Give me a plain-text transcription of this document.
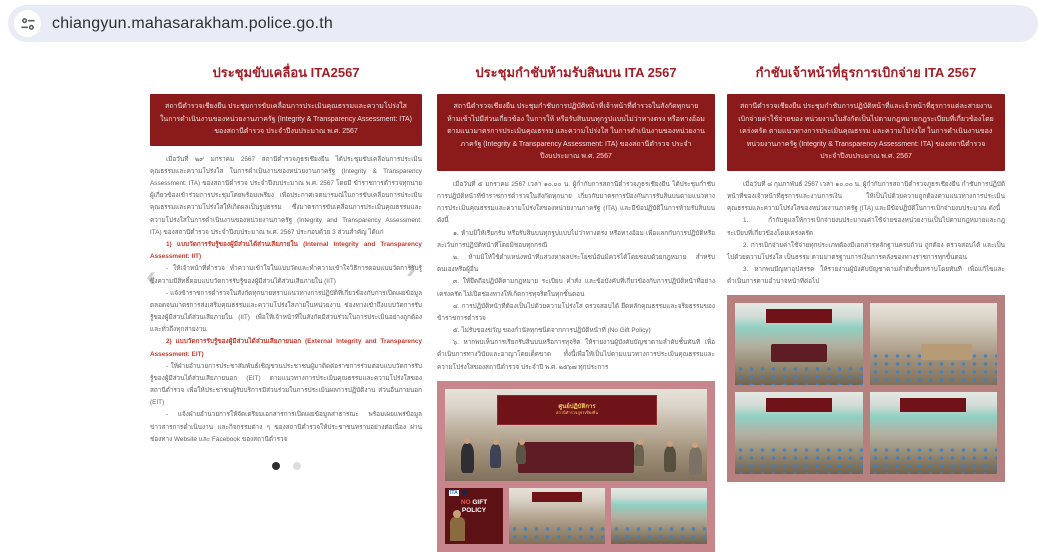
chiangyun.mahasarakham.police.go.th
‹	›
ประชุมขับเคลื่อน ITA2567
สถานีตำรวจเชียงยืน ประชุมการขับเคลื่อนการประเมินคุณธรรมและความโปร่งใส ในการดำเนินงานของหน่วยงานภาครัฐ (Integrity & Transparency Assessment: ITA) ของสถานีตำรวจ ประจำปีงบประมาณ พ.ศ. 2567

เมื่อวันที่ ๒๙ มกราคม 2567 สถานีตำรวจภูธรเชียงยืน ได้ประชุมขับเคลื่อนการประเมินคุณธรรมและความโปร่งใส ในการดำเนินงานของหน่วยงานภาครัฐ (Integrity & Transparency Assessment: ITA) ของสถานีตำรวจ ประจำปีงบประมาณ พ.ศ. 2567 โดยมี ข้าราชการตำรวจทุกนาย ผู้เกี่ยวข้องเข้าร่วมการประชุมโดยพร้อมเพรียง เพื่อประกาศเจตนารมณ์ในการขับเคลื่อนการประเมินคุณธรรมและความโปร่งใสให้เกิดผลเป็นรูปธรรม ซึ่งมาตรการขับเคลื่อนการประเมินคุณธรรมและความโปร่งใสในการดำเนินงานของหน่วยงานภาครัฐ (Integrity and Transparency Assessment: ITA) ของสถานีตำรวจ ประจำปีงบประมาณ พ.ศ. 2567 ประกอบด้วย 3 ส่วนสำคัญ ได้แก่

1) แบบวัดการรับรู้ของผู้มีส่วนได้ส่วนเสียภายใน (Internal Integrity and Transparency Assessment: IIT)

- ให้เจ้าหน้าที่ตำรวจ ทำความเข้าใจในแบบวัดและทำความเข้าใจวิธีการตอบแบบวัดการรับรู้ ซึ่งความมีสิทธิ์ตอบแบบวัดการรับรู้ของผู้มีส่วนได้ส่วนเสียภายใน (IIT)

- แจ้งข้าราชการตำรวจในสังกัดทุกนายทราบแนวทางการปฏิบัติที่เกี่ยวข้องกับการเปิดเผยข้อมูล ตลอดจนมาตรการส่งเสริมคุณธรรมและความโปร่งใสภายในหน่วยงาน ช่องทางเข้าถึงแบบวัดการรับรู้ของผู้มีส่วนได้ส่วนเสียภายใน (IIT) เพื่อให้เจ้าหน้าที่ในสังกัดมีส่วนร่วมในการประเมินอย่างถูกต้องและทั่วถึงทุกสายงาน

2) แบบวัดการรับรู้ของผู้มีส่วนได้ส่วนเสียภายนอก (External Integrity and Transparency Assessment: EIT)

- ให้ฝ่ายอำนวยการประชาสัมพันธ์เชิญชวนประชาชนผู้มาติดต่อราชการร่วมตอบแบบวัดการรับรู้ของผู้มีส่วนได้ส่วนเสียภายนอก (EIT) ตามแนวทางการประเมินคุณธรรมและความโปร่งใสของสถานีตำรวจ เพื่อให้ประชาชนผู้รับบริการมีส่วนร่วมในการประเมินผลการปฏิบัติงาน ส่วนอื่นภายนอก (EIT)

- แจ้งฝ่ายอำนวยการให้จัดเตรียมเอกสารการเปิดเผยข้อมูลสาธารณะ พร้อมเผยแพร่ข้อมูลข่าวสารการดำเนินงาน และกิจกรรมต่าง ๆ ของสถานีตำรวจให้ประชาชนทราบอย่างต่อเนื่อง ผ่านช่องทาง Website และ Facebook ของสถานีตำรวจ

ประชุมกำชับห้ามรับสินบน ITA 2567
สถานีตำรวจเชียงยืน ประชุมกำชับการปฏิบัติหน้าที่เจ้าหน้าที่ตำรวจในสังกัดทุกนาย ห้ามเข้าไปมีส่วนเกี่ยวข้อง ในการให้ หรือรับสินบนทุกรูปแบบไม่ว่าทางตรง หรือทางอ้อม ตามแนวมาตรการประเมินคุณธรรม และความโปร่งใส ในการดำเนินงานของหน่วยงานภาครัฐ (Integrity & Transparency Assessment: ITA) ของสถานีตำรวจ ประจำปีงบประมาณ พ.ศ. 2567

เมื่อวันที่ ๕ มกราคม 2567 เวลา ๑๐.๐๐ น. ผู้กำกับการสถานีตำรวจภูธรเชียงยืน ได้ประชุมกำชับการปฏิบัติหน้าที่ข้าราชการตำรวจในสังกัดทุกนาย เกี่ยวกับมาตรการป้องกันการรับสินบนตามแนวทางการประเมินคุณธรรมและความโปร่งใสของหน่วยงานภาครัฐ (ITA) และมีข้อปฏิบัติในการห้ามรับสินบน ดังนี้

๑. ห้ามมิให้เรียกรับ หรือรับสินบนทุกรูปแบบไม่ว่าทางตรง หรือทางอ้อม เพื่อแลกกับการปฏิบัติหรือละเว้นการปฏิบัติหน้าที่โดยมิชอบทุกกรณี

๒. ห้ามมิให้ใช้ตำแหน่งหน้าที่แสวงหาผลประโยชน์อันมิควรได้โดยชอบด้วยกฎหมาย สำหรับตนเองหรือผู้อื่น

๓. ให้ยึดถือปฏิบัติตามกฎหมาย ระเบียบ คำสั่ง และข้อบังคับที่เกี่ยวข้องกับการปฏิบัติหน้าที่อย่างเคร่งครัด ไม่เปิดช่องทางให้เกิดการทุจริตในทุกขั้นตอน

๔. การปฏิบัติหน้าที่ต้องเป็นไปด้วยความโปร่งใส ตรวจสอบได้ ยึดหลักคุณธรรมและจริยธรรมของข้าราชการตำรวจ

๕. ไม่รับของขวัญ ของกำนัลทุกชนิดจากการปฏิบัติหน้าที่ (No Gift Policy)

๖. หากพบเห็นการเรียกรับสินบนหรือการทุจริต ให้รายงานผู้บังคับบัญชาตามลำดับชั้นทันที เพื่อดำเนินการทางวินัยและอาญาโดยเด็ดขาด ทั้งนี้เพื่อให้เป็นไปตามแนวทางการประเมินคุณธรรมและความโปร่งใสของสถานีตำรวจ ประจำปี พ.ศ. ๒๕๖๗ ทุกประการ

ศูนย์ปฏิบัติการ
สถานีตำรวจภูธรเชียงยืน
ITA
NO GIFT
POLICY
กำชับเจ้าหน้าที่ธุรการเบิกจ่าย ITA 2567
สถานีตำรวจเชียงยืน ประชุมกำชับการปฏิบัติหน้าที่และเจ้าหน้าที่ธุรการแต่ละสายงานเบิกจ่ายค่าใช้จ่ายของ หน่วยงานในสังกัดเป็นไปตามกฎหมายกฎระเบียบที่เกี่ยวข้องโดยเคร่งครัด ตามแนวทางการประเมินคุณธรรม และความโปร่งใส ในการดำเนินงานของหน่วยงานภาครัฐ (Integrity & Transparency Assessment: ITA) ของสถานีตำรวจประจำปีงบประมาณ พ.ศ. 2567

เมื่อวันที่ ๘ กุมภาพันธ์ 2567 เวลา ๑๐.๐๐ น. ผู้กำกับการสถานีตำรวจภูธรเชียงยืน กำชับการปฏิบัติหน้าที่ของเจ้าหน้าที่ธุรการและงานการเงิน ให้เป็นไปด้วยความถูกต้องตามแนวทางการประเมินคุณธรรมและความโปร่งใสของหน่วยงานภาครัฐ (ITA) และมีข้อปฏิบัติในการเบิกจ่ายงบประมาณ ดังนี้

1. กำกับดูแลให้การเบิกจ่ายงบประมาณค่าใช้จ่ายของหน่วยงานเป็นไปตามกฎหมายและกฎระเบียบที่เกี่ยวข้องโดยเคร่งครัด

2. การเบิกจ่ายค่าใช้จ่ายทุกประเภทต้องมีเอกสารหลักฐานครบถ้วน ถูกต้อง ตรวจสอบได้ และเป็นไปด้วยความโปร่งใส เป็นธรรม ตามมาตรฐานการเงินการคลังของทางราชการทุกขั้นตอน

3. หากพบปัญหาอุปสรรค ให้รายงานผู้บังคับบัญชาตามลำดับชั้นทราบโดยทันที เพื่อแก้ไขและดำเนินการตามอำนาจหน้าที่ต่อไป
